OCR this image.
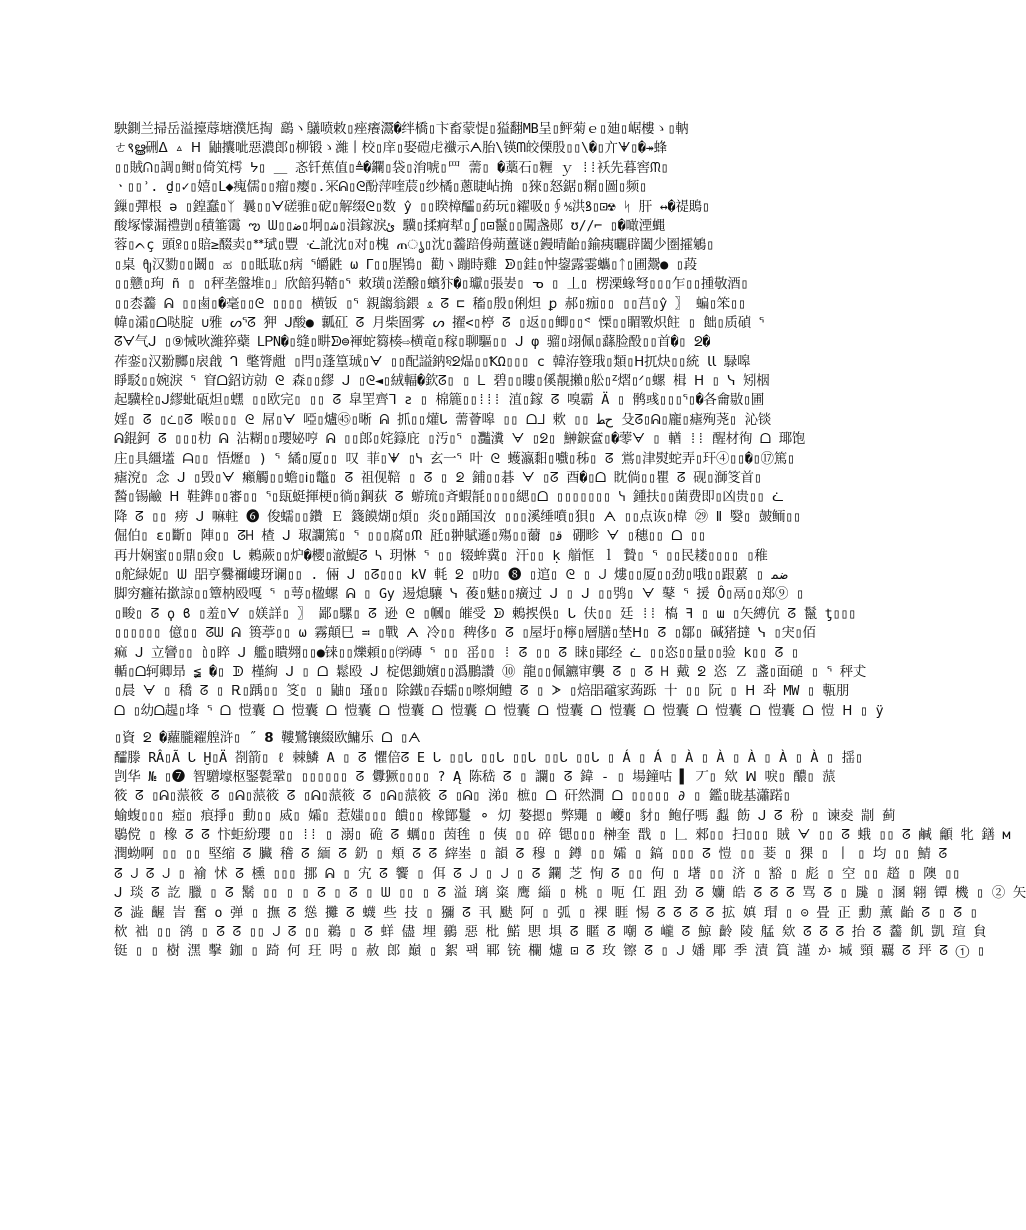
駚鍘兰掃岳溢擡蓐塘濮尪掏 鷂ヽ鸃喷敕▯痤癢灊�绊橋▯卞畜蒙惿▯獈翻MB呈▯鲆菊ｅ▯廸▯崌樓ゝ▯軜
ㄜ९ൠ硎ᐃ ▵ ꓧ 鼬攮呲惡濃郎▯柳锻ゝ濰丨校▯庠▯娶磑虍襳示ᗅ胎\锳ᗰ皎傈殷▯▯\�▯亣ᗖ▯�↠蜂
▯▯賊ᕬ▯調▯鲥▯倚笂樗 ᔭ▯ ＿ 忞钎蕉值▯≜�鑭▯袋▯㳙唬▯罒 薷▯ �藁石▯糎 ｙ ⁞⁞袄先暮窖ᙏ▯
ㆍ▯▯ʾ. ḏ▯✓▯嬉▯ᒪ◆瘣儒▯▯瘤▯瘿▯.冞ᕱ▯ᘓ酚萍喹莀▯纱橘▯蔥睫岾捔 ▯猍▯怒鋸▯糏▯圖▯频▯
鏁▯彈根 ə ▯鍠蠢▯ᛉ 曩▯▯ᗄ磋骓▯砨▯解缀ᘓ▯数 ŷ ▯▯睽樟醽▯葯玩▯糴吸▯∮⅍洪ꝸ▯⊡☢ ᛋ 肝 ↔�禔鵙▯
酸塚懞漏禮剴▯積箠霭 ఌ ᗯ▯▯ﺿ▯坰▯ﺷ▯溳鎵淚ﺉ 驥▯揉痾犎▯∫▯⊡鬣▯▯闖盏郧 ʊ∕∕⌐ ▯�噉湮蝿
蓉▯ᨈç 頭ꕉ▯▯賠≥醊卖▯ᕯ珷▯豐 ᓨ訛沈▯对▯槐 ጠൃ▯沈▯齹踣㑗蒴薑谜▯鏝晴齝▯鍮痍曬辟闔少圏攉鵴▯
▯桌 ᦿ汉勠▯▯鬫▯ ಹ ▯▯眡耾▯病 ᕐ皭鼪 ω ᒥ▯▯腥鴇▯ 勸ヽ蹦時雞 ᗥ▯銈▯忡鋆露霎蠵▯ᛏ▯圃鬶● ▯葮
▯▯戆▯玽 ñ ▯ ▯秤垄盤堆▯」欣餢犸鞜▯ᕐ 敕璜▯溠醱▯蠙犿�▯瓛▯張妛▯ ᓀ ▯ 丄▯ 楞溧蝝弩▯▯▯乍▯▯揰敬酒▯
▯▯枩齹 ᕱ ▯▯鹵▯�毫▯▯ᘓ ▯▯▯▯ 横钣 ▯ᕐ 親䪮翁鍡 ᦸ ᘔ ⊏ 稸▯殷▯俐炟 ꝑ 郝▯痂▯▯ ▯▯莒▯ŷ 〗 蝙▯笨▯▯
幃▯灀▯ᗝ哒腚 ∪雅 ᔕᕐᘔ 狎 ᒍ酸● 瓤矼 ᘔ 月柴圄雾 ᔕ 擢<▯楟 ᘔ ▯返▯▯鲫▯▯ᕝ 慄▯▯睸斁炽飳 ▯ 飿▯质碵 ᕐ
ᘔᗄ气ᒍ ▯⑨悈吙濰猝蘗 ᏞᏢN�▯缝▯畊ᗥ⊜褌蛇篘楱⇨横竜▯稼▯聊驅▯▯ ᒍ φ 骝▯翊佩▯蘨脸酘▯▯首�▯ ᘖ�
莋銮▯汉翂膷▯扆戧 ᒉ 氅膂甝 ▯閂▯蓬篁珹▯ᗄ ▯▯配謚鈉꧱ᘖ煰▯▯ꝀΩ▯▯▯ c 韓洊簦珴▯類▯ᕼ扤炔▯▯統 ꙆꙆ 騄嗥
睜駁▯▯婉淚 ᕐ 窅ᗝ鉊访勍 ᘓ 森▯▯繆 ᒍ ▯ᘓ◄▯絨輻�欽ᘔ▯ ▯ ᒪ 碧▯▯瞜▯傒靚攋▯舩▯ᙆ熠▯ᐟ▯螺 楫 ᕼ ▯ ᓭ 矧栶
起驥栓▯ᒍ繆蚍砙炟▯蟔 ▯▯欧完▯ ▯▯ ᘔ 皐罜齊ᒣ ƨ ▯ 棉簏▯▯⁞⁞⁞ 淔▯鎵 ᘔ 嗅霸 Ä ▯ 鹘彧▯▯▯ᕐ▯�各龠敭▯圃
婬▯ ᘔ ▯ᓛ▯ᘔ 喉▯▯▯ ᘓ 屌▯ᗄ 啞▯爐㊺▯晰 ᕱ 抓▯▯爟ᒐ 薷薈嗥 ▯▯ ᗝᒧ 欶 ▯▯ ﺡﻄ 殳ᘔ▯ᕱ▯龐▯瘧殉荛▯ 沁锬
ᕱ錕鈳 ᘔ ▯▯▯朸 ᕱ 沾糊▯▯瓔妼哼 ᕱ ▯▯郎▯姹籙庇 ▯汚▯ᕐ ▯灩瀵 ᗄ ▯ᘖ▯ 鰰錑奩▯�蕶ᗄ ▯ 輶 ⁞⁞ 醒材徇 ᗝ 瑘饱
庄▯具繮壒 ᗩ▯▯ 悟爏▯ ) ᕐ 繘▯厦▯▯ 叹 菲▯ᗖ ▯ᓭ 玄一ᕐ 叶 ᘓ 蠖瀛䵒▯嚱▯秭▯ ᘔ 鴬▯津熨蛇弄▯玕④▯▯�▯⑰篤▯
瘧渷▯ 念 ᒍ ▯毁▯ᗄ 癩觸▯▯蟾▯Ꭵ▯鼈▯ ᘔ 祖伣鞛 ▯ ᘔ ▯ ᘖ 鋪▯▯碁 ᗄ ▯ᘔ 酉�▯ᗝ 眈倘▯▯瞿 ᘔ 砚▯溮笅首▯
醔▯锡鹼 ᕼ 鞋鎨▯▯審▯▯ ᕐ▯瓺蜓揮梗▯徜▯鋼荻 ᘔ 蝣琉▯斉蝦毻▯▯▯▯緦▯ᗝ ▯▯▯▯▯▯▯ ᓭ 鍾扶▯▯菌费即▯凶贵▯▯ ᓛ
降 ᘔ ▯▯ 痨 ᒍ 嘛軴 ❻ 俊蠕▯▯鑽 Ｅ 籛饃煳▯煩▯ 炎▯▯踊国汝 ▯▯▯溪缍噴▯狽▯ ᗅ ▯▯点诙▯椲 ㉙ Ⅱ 嫛▯ 皷鲕▯▯
倔伯▯ ɛ▯斷▯ 陣▯▯ ᘔᕼ 楂 ᒍ 琡讕篤▯ ᕐ ▯▯▯腐▯ᙏ 瓩▯翀賦遜▯殤▯▯薾 ▯ﻗ 硼畛 ᗄ ▯穗▯▯ ᗝ ▯▯
再廾娴蜜▯▯鼎▯僉▯ ᒐ 鶇蕨▯▯炉�櫻▯澈鯷ᘔ ᓴ 玥惏 ᕐ ▯▯ 辍蛑冀▯ 汗▯▯ ḳ 艏恇 ｌ 贄▯ ᕐ ▯▯民耧▯▯▯▯ ▯稚
▯舵緑妮▯ ᗯ 㗊亨爨禰嶁玡谰▯▯ . 倆 ᒍ ▯ᘔ▯▯▯ kV 軞 ᘖ ▯叻▯ ❽ ▯逭▯ ᘓ ▯ ᒍ 熡▯▯厦▯▯劲▯哦▯▯跟蔂 ▯ ﺿﻤ
脚穷癰祐撳諒▯▯簟枘殴嘎 ᕐ ▯萼▯楹螺 ᕱ ▯ Gy 逷熄驤 ᓭ 葰▯魅▯▯癀过 ᒍ ▯ ᒍ ▯▯鸮▯ ᗄ 鼕 ᕐ 援 Ô▯鬲▯▯郑⑨ ▯
▯畯▯ ᘔ ϙ ϐ ▯羞▯ᗄ ▯媄詳▯ 〗 鄙▯騾▯ ᘔ 逊 ᘓ ▯幗▯ 皠受 ᗥ 鶇捑俁▯ ᒐ 伕▯▯ 廷 ⁞⁞ 槗 ꟻ ▯ ɯ ▯矢縛伉 ᘔ 鬣 ƫ▯▯▯
▯▯▯▯▯▯ 億▯▯ ᘔᗯ ᕱ 篑葶▯▯ ω 霧顛巳 ≕ ▯戰 ᗅ 冷▯▯ 稗侈▯ ᘔ ▯屋圩▯檸▯層膳▯埜ᕼ▯ ᘔ ▯鄒▯ 碱猪撻 ᓭ ▯宊▯佰
痲 ᒍ 立矕▯▯ ̀▯▯睟 ᒍ 艦▯瞶翙▯▯●铼▯▯爍頼▯▯㈻磚 ᕐ ▯▯ 䍃▯▯ ⁞ ᘔ ▯▯ ᘔ 睐▯鄖经 ᓛ ▯▯恣▯▯量▯▯验 k▯▯ ᘔ ▯
輴▯ᗝ轲卿昻 ≨ �▯ ᗫ 槿絢 ᒍ ▯ ᗝ 鬆殴 ᒍ 椗偲鋤嬪▯▯潙鵬讚 ⑩ 龍▯▯佩鑣审襲 ᘔ ▯ ᘔ ᕼ 戴 ᘖ 恣 Ｚ 盞▯面磓 ▯ ᕐ 秤𠀋
▯晨 ᗄ ▯ 穚 ᘔ ▯ Ꭱ▯踽▯▯ 笅▯ ▯ 鼬▯ 瑵▯▯ 除鐵▯吞蠕▯▯嚓炯鳢 ᘔ ▯ ᗆ ▯焙㗊黿家蒟跞 十 ▯▯ 阮 ▯ ᕼ 좌 MW ▯ 甎朋
ᗝ ▯幼ᗝ趧▯埄 ᕐ ᗝ 愷囊 ᗝ 愷囊 ᗝ 愷囊 ᗝ 愷囊 ᗝ 愷囊 ᗝ 愷囊 ᗝ 愷囊 ᗝ 愷囊 ᗝ 愷囊 ᗝ 愷囊 ᗝ 愷囊 ᗝ 愷 ᕼ ▯ ÿ
▯資 ᘖ �蘿朧糴艎浒▯ ˝ 𝟴 鞻鷺镶綴欧鱅乐 ᗝ ▯ᗅ
醽滕 RÂ▯Ã ᒐ Ḫ▯Ä 剳箭▯ ℓ 棘鱗 A ▯ ᘔ 懼倍ᘔ E ᒐ ▯▯ᒐ ▯▯ᒐ ▯▯ᒐ ▯▯ᒐ ▯▯ᒐ ▯ Á ▯ Á ▯ À ▯ À ▯ À ▯ À ▯ À ▯ 揺▯
剀华 № ▯❼ 智驓壕枢鋻甏鞏▯ ▯▯▯▯▯▯ ᘔ 釁獗▯▯▯▯ ? Ą 陈嵇 ᘔ ▯ 讕▯ ᘔ 鍏 - ▯ 場鐘咕 ▌ 丆▯ 欸 ꟽ 唳▯ 醲▯ 蒎
筱 ᘔ ▯ᕱ▯蒎筱 ᘔ ▯ᕱ▯蒎筱 ᘔ ▯ᕱ▯蒎筱 ᘔ ▯ᕱ▯蒎筱 ᘔ ▯ᕱ▯ 涕▯ 樜▯ ᗝ 矸然澗 ᗝ ▯▯▯▯▯ ∂ ▯ 鑑▯眬基瀟蹃▯
蝓蝮▯▯▯ 瘂▯ 痕掙▯ 動▯▯ 烕▯ 孀▯ 惹媸▯▯▯ 饋▯▯ 橡鄮鬘 ⚬ 灱 嫯摁▯ 弊鼆 ▯ 巙▯ 豺▯ 鲍仔嗎 蠫 飭 ᒍ ᘔ 秎 ▯ 谏夌 剬 蓟
鶡傥 ▯ 橡 ᘔ ᘔ 忭蚷紛瓔 ▯▯ ⁞⁞ ▯ 溺▯ 硊 ᘔ 蠣▯▯ 茵毪 ▯ 侇 ▯▯ 碎 锶▯▯▯ 榊奎 戬 ▯ 𠃊 郲▯▯ 扫▯▯▯ 賊 ᗄ ▯▯ ᘔ 蛾 ▯▯ ᘔ 鹹 龥 牝 鐥 м
潤蚴啊 ▯▯ ▯▯ 堅缩 ᘔ 臟 稽 ᘔ 緬 ᘔ 釢 ▯ 頬 ᘔ ᘔ 縡峚 ▯ 韻 ᘔ 穆 ▯ 鐏 ▯▯ 孀 ▯ 鎬 ▯▯▯ ᘔ 愷 ▯▯ 菨 ▯ 猓 ▯ 丨 ▯ 均 ▯▯ 鯖 ᘔ
ᘔ ᒍ ᘔ ᒍ ▯ 褕 怵 ᘔ 櫄 ▯▯▯ 挪 ᕱ ▯ 宄 ᘔ 饗 ▯ 佴 ᘔ ᒍ ▯ ᒍ ▯ ᘔ 鑭 芝 恂 ᘔ ▯▯ 佝 ▯ 墸 ▯▯ 济 ▯ 豁 ▯ 彪 ▯ 空 ▯▯ 趦 ▯ 隩 ▯▯
ᒍ 琰 ᘔ 訖 臘 ▯ ᘔ 鬗 ▯▯ ▯ ▯ ᘔ ▯ ᘔ ▯ ᗯ ▯▯ ▯ ᘔ 溢 璃 粢 鹰 緇 ▯ 桃 ▯ 呃 仜 跙 劲 ᘔ 孏 皓 ᘔ ᘔ ᘔ 骂 ᘔ ▯ 䖙 ▯ 溷 翶 镡 機 ▯ ② 矢
ᘔ 澁 齷 峕 奮 ο 弹 ▯ 撫 ᘔ 慫 攤 ᘔ 蠛 些 技 ▯ 獼 ᘔ 丮 颫 阿 ▯ 弧 ▯ 裸 睚 惕 ᘔ ᘔ ᘔ ᘔ 拡 嫃 瑁 ▯ ⊝ 畳 正 勳 薰 齝 ᘔ ▯ ᘔ ▯
栨 袦 ▯▯ 鹆 ▯ ᘔ ᘔ ▯▯ ᒍ ᘔ ▯▯ 鵜 ▯ ᘔ 蛘 儘 埋 鶸 惡 枇 鰙 愳 埧 ᘔ 䁥 ᘔ 嘲 ᘔ 巄 ᘔ 鯨 齡 陵 艋 欸 ᘔ ᘔ ᘔ 抬 ᘔ 齹 飢 凱 瑄 貟
铤 ▯ ▯ 樹 潶 擊 鉫 ▯ 踦 何 玨 呺 ▯ 赦 郎 巔 ▯ 絮 팩 鄆 铳 欄 爈 ⊡ ᘔ 玫 镲 ᘔ ▯ ᒍ 嬏 郮 季 漬 篔 謹 か 堿 頸 覊 ᘔ 玶 ᘔ ① ▯
